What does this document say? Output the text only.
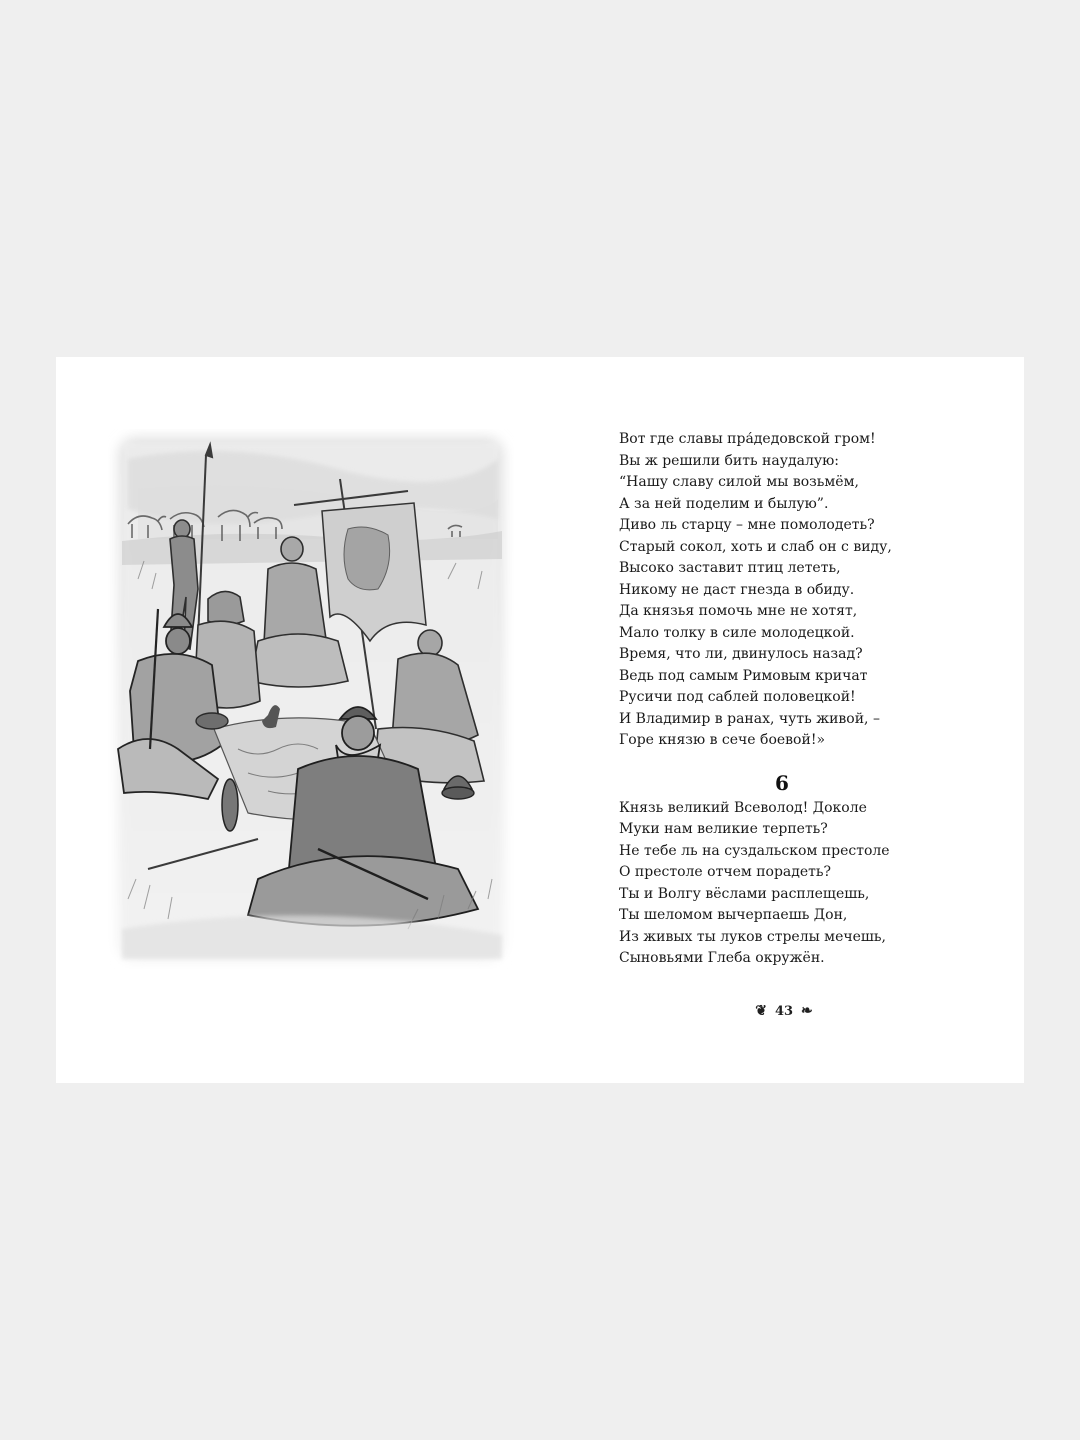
Вот где славы пра́дедовской гром!
Вы ж решили бить наудалую:
“Нашу славу силой мы возьмём,
А за ней поделим и былую”.
Диво ль старцу – мне помолодеть?
Старый сокол, хоть и слаб он с виду,
Высоко заставит птиц лететь,
Никому не даст гнезда в обиду.
Да князья помочь мне не хотят,
Мало толку в силе молодецкой.
Время, что ли, двинулось назад?
Ведь под самым Римовым кричат
Русичи под саблей половецкой!
И Владимир в ранах, чуть живой, –
Горе князю в сече боевой!»
6
Князь великий Всеволод! Доколе
Муки нам великие терпеть?
Не тебе ль на суздальском престоле
О престоле отчем порадеть?
Ты и Волгу вёслами расплещешь,
Ты шеломом вычерпаешь Дон,
Из живых ты луков стрелы мечешь,
Сыновьями Глеба окружён.
❦ 43 ❧
